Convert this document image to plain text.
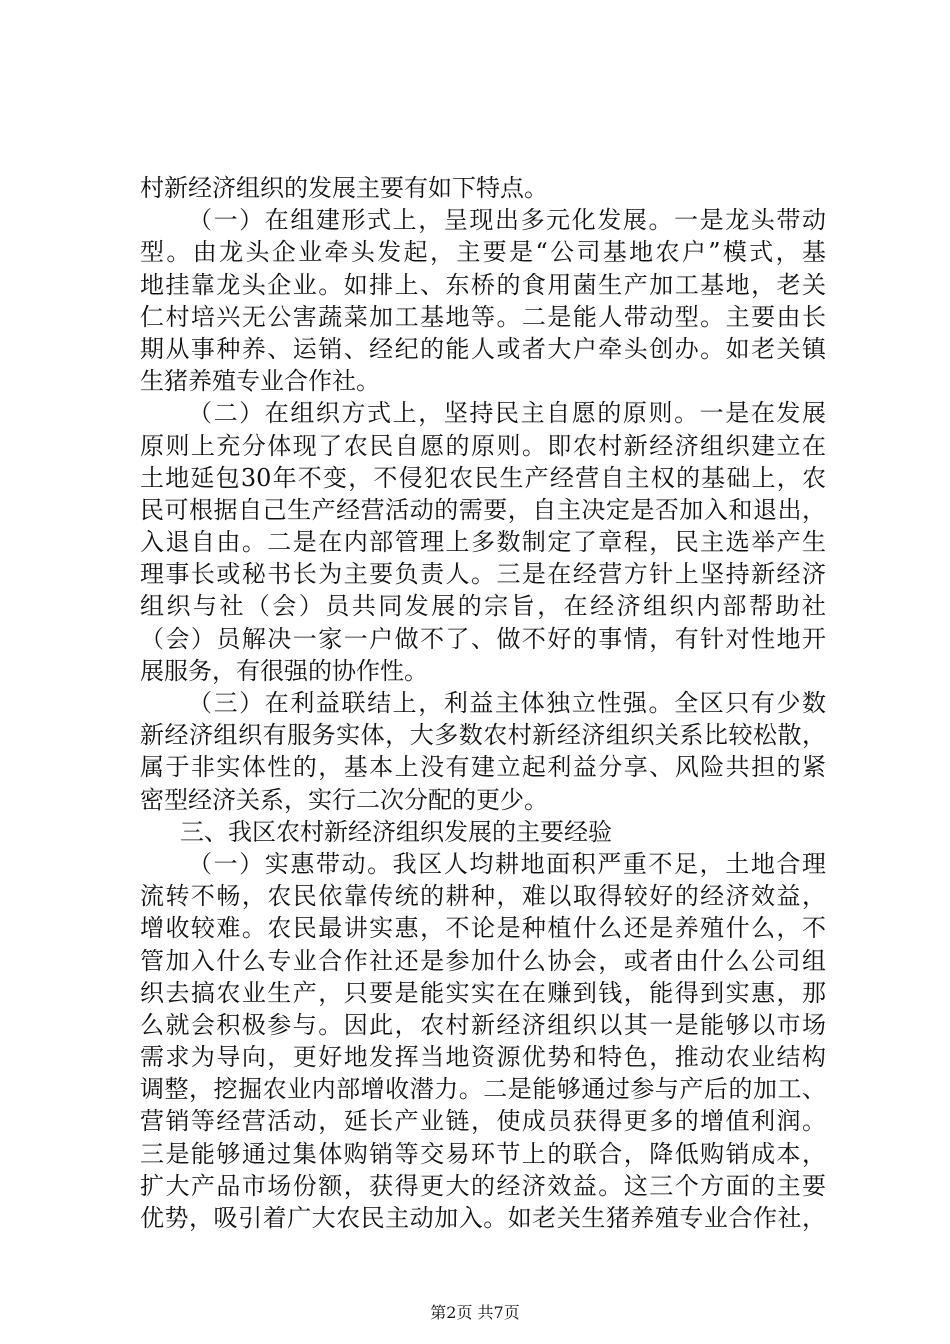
村新经济组织的发展主要有如下特点。
（一）在组建形式上，呈现出多元化发展。一是龙头带动
型。由龙头企业牵头发起，主要是“公司基地农户”模式，基
地挂靠龙头企业。如排上、东桥的食用菌生产加工基地，老关
仁村培兴无公害蔬菜加工基地等。二是能人带动型。主要由长
期从事种养、运销、经纪的能人或者大户牵头创办。如老关镇
生猪养殖专业合作社。
（二）在组织方式上，坚持民主自愿的原则。一是在发展
原则上充分体现了农民自愿的原则。即农村新经济组织建立在
土地延包30年不变，不侵犯农民生产经营自主权的基础上，农
民可根据自己生产经营活动的需要，自主决定是否加入和退出，
入退自由。二是在内部管理上多数制定了章程，民主选举产生
理事长或秘书长为主要负责人。三是在经营方针上坚持新经济
组织与社（会）员共同发展的宗旨，在经济组织内部帮助社
（会）员解决一家一户做不了、做不好的事情，有针对性地开
展服务，有很强的协作性。
（三）在利益联结上，利益主体独立性强。全区只有少数
新经济组织有服务实体，大多数农村新经济组织关系比较松散，
属于非实体性的，基本上没有建立起利益分享、风险共担的紧
密型经济关系，实行二次分配的更少。
三、我区农村新经济组织发展的主要经验
（一）实惠带动。我区人均耕地面积严重不足，土地合理
流转不畅，农民依靠传统的耕种，难以取得较好的经济效益，
增收较难。农民最讲实惠，不论是种植什么还是养殖什么，不
管加入什么专业合作社还是参加什么协会，或者由什么公司组
织去搞农业生产，只要是能实实在在赚到钱，能得到实惠，那
么就会积极参与。因此，农村新经济组织以其一是能够以市场
需求为导向，更好地发挥当地资源优势和特色，推动农业结构
调整，挖掘农业内部增收潜力。二是能够通过参与产后的加工、
营销等经营活动，延长产业链，使成员获得更多的增值利润。
三是能够通过集体购销等交易环节上的联合，降低购销成本，
扩大产品市场份额，获得更大的经济效益。这三个方面的主要
优势，吸引着广大农民主动加入。如老关生猪养殖专业合作社，
第2页 共7页
